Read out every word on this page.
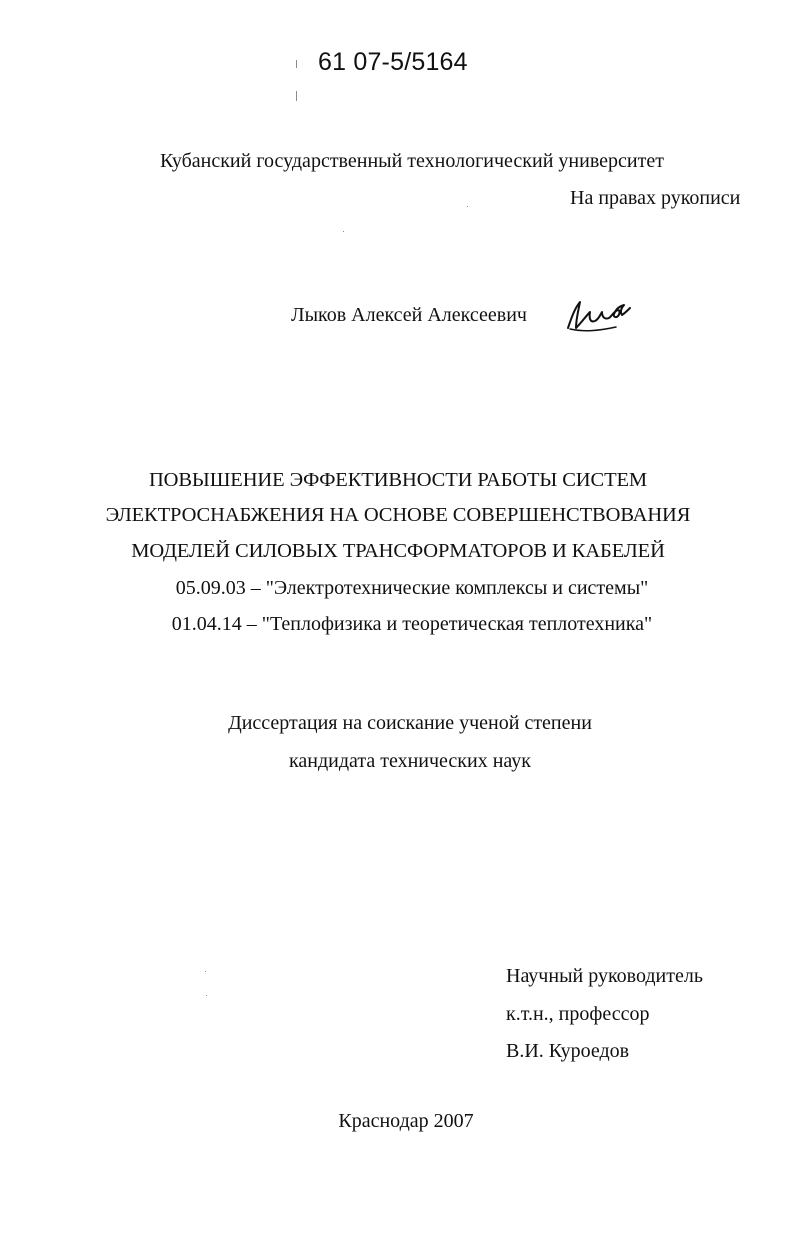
61 07-5/5164
Кубанский государственный технологический университет
На правах рукописи
Лыков Алексей Алексеевич
ПОВЫШЕНИЕ ЭФФЕКТИВНОСТИ РАБОТЫ СИСТЕМ
ЭЛЕКТРОСНАБЖЕНИЯ НА ОСНОВЕ СОВЕРШЕНСТВОВАНИЯ
МОДЕЛЕЙ СИЛОВЫХ ТРАНСФОРМАТОРОВ И КАБЕЛЕЙ
05.09.03 – "Электротехнические комплексы и системы"
01.04.14 – "Теплофизика и теоретическая теплотехника"
Диссертация на соискание ученой степени
кандидата технических наук
Научный руководитель
к.т.н., профессор
В.И. Куроедов
Краснодар 2007
